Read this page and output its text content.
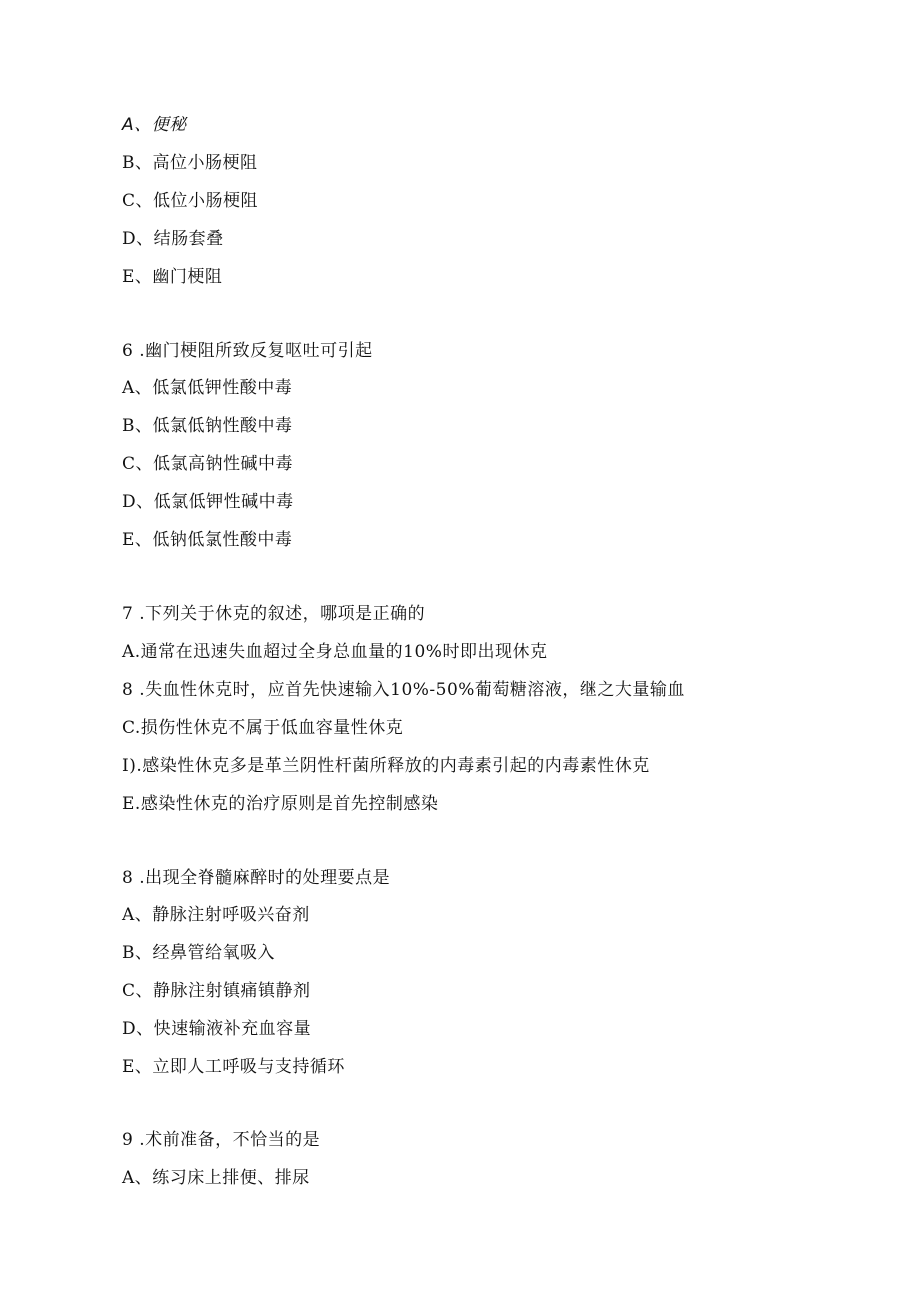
A、便秘
B、高位小肠梗阻
C、低位小肠梗阻
D、结肠套叠
E、幽门梗阻
6 .幽门梗阻所致反复呕吐可引起
A、低氯低钾性酸中毒
B、低氯低钠性酸中毒
C、低氯高钠性碱中毒
D、低氯低钾性碱中毒
E、低钠低氯性酸中毒
7 .下列关于休克的叙述，哪项是正确的
A.通常在迅速失血超过全身总血量的10%时即出现休克
8 .失血性休克时，应首先快速输入10%-50%葡萄糖溶液，继之大量输血
C.损伤性休克不属于低血容量性休克
I).感染性休克多是革兰阴性杆菌所释放的内毒素引起的内毒素性休克
E.感染性休克的治疗原则是首先控制感染
8 .出现全脊髓麻醉时的处理要点是
A、静脉注射呼吸兴奋剂
B、经鼻管给氧吸入
C、静脉注射镇痛镇静剂
D、快速输液补充血容量
E、立即人工呼吸与支持循环
9 .术前准备，不恰当的是
A、练习床上排便、排尿
